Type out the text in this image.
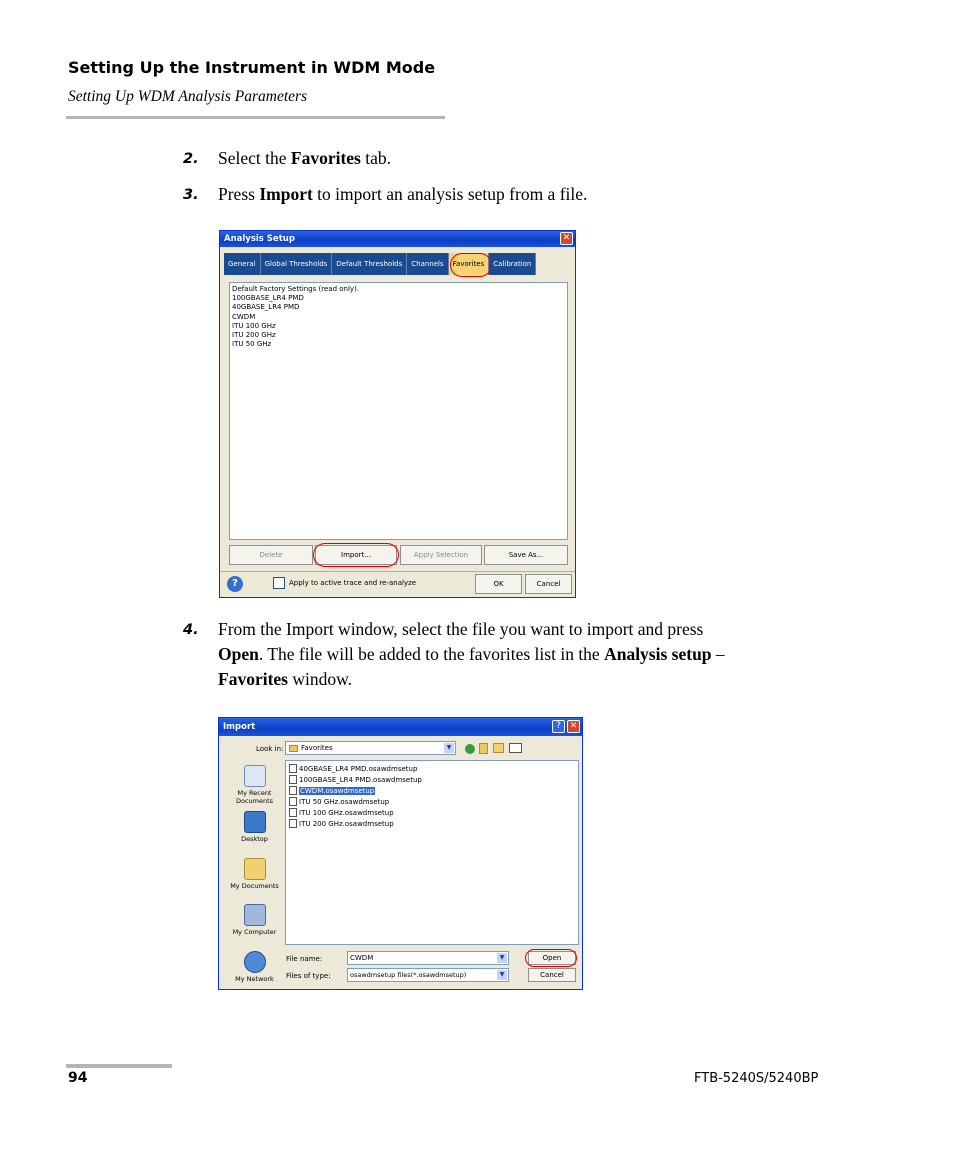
Setting Up the Instrument in WDM Mode
Setting Up WDM Analysis Parameters
2. Select the Favorites tab.
3. Press Import to import an analysis setup from a file.
Analysis Setup	✕
General	Global Thresholds	Default Thresholds	Channels	Favorites	Calibration
Default Factory Settings (read only).
100GBASE_LR4 PMD
40GBASE_LR4 PMD
CWDM
ITU 100 GHz
ITU 200 GHz
ITU 50 GHz
Delete	Import...	Apply Selection	Save As...
?	Apply to active trace and re-analyze	OK	Cancel
4. From the Import window, select the file you want to import and press
Open. The file will be added to the favorites list in the Analysis setup –
Favorites window.
Import	? ✕
Look in:	Favorites	▼
My Recent Documents
Desktop
My Documents
My Computer
My Network
40GBASE_LR4 PMD.osawdmsetup
100GBASE_LR4 PMD.osawdmsetup
CWDM.osawdmsetup
ITU 50 GHz.osawdmsetup
ITU 100 GHz.osawdmsetup
ITU 200 GHz.osawdmsetup
File name:	CWDM	▼
Files of type:	osawdmsetup files(*.osawdmsetup)	▼
Open
Cancel
94	FTB-5240S/5240BP
